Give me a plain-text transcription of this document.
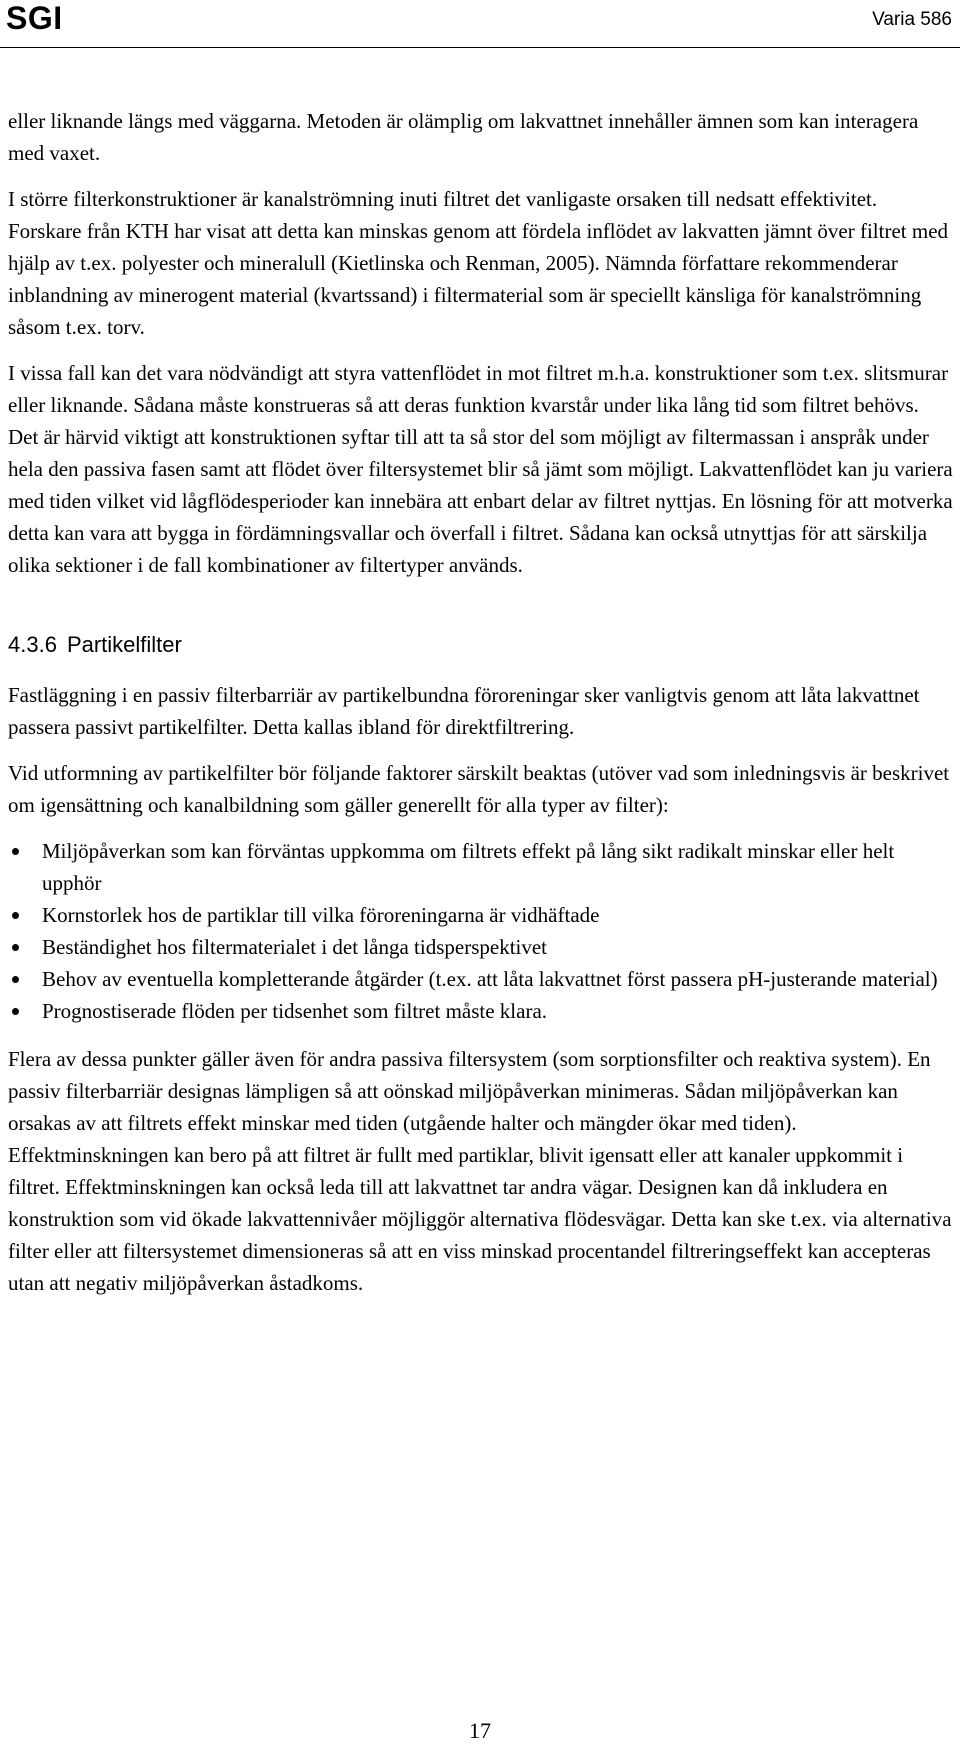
SGI	Varia 586

eller liknande längs med väggarna. Metoden är olämplig om lakvattnet innehåller ämnen som kan interagera med vaxet.

I större filterkonstruktioner är kanalströmning inuti filtret det vanligaste orsaken till nedsatt effektivitet. Forskare från KTH har visat att detta kan minskas genom att fördela inflödet av lakvatten jämnt över filtret med hjälp av t.ex. polyester och mineralull (Kietlinska och Renman, 2005). Nämnda författare rekommenderar inblandning av minerogent material (kvartssand) i filtermaterial som är speciellt känsliga för kanalströmning såsom t.ex. torv.

I vissa fall kan det vara nödvändigt att styra vattenflödet in mot filtret m.h.a. konstruktioner som t.ex. slitsmurar eller liknande. Sådana måste konstrueras så att deras funktion kvarstår under lika lång tid som filtret behövs. Det är härvid viktigt att konstruktionen syftar till att ta så stor del som möjligt av filtermassan i anspråk under hela den passiva fasen samt att flödet över filtersystemet blir så jämt som möjligt. Lakvattenflödet kan ju variera med tiden vilket vid lågflödesperioder kan innebära att enbart delar av filtret nyttjas. En lösning för att motverka detta kan vara att bygga in fördämningsvallar och överfall i filtret. Sådana kan också utnyttjas för att särskilja olika sektioner i de fall kombinationer av filtertyper används.

4.3.6 Partikelfilter

Fastläggning i en passiv filterbarriär av partikelbundna föroreningar sker vanligtvis genom att låta lakvattnet passera passivt partikelfilter. Detta kallas ibland för direktfiltrering.

Vid utformning av partikelfilter bör följande faktorer särskilt beaktas (utöver vad som inledningsvis är beskrivet om igensättning och kanalbildning som gäller generellt för alla typer av filter):

Miljöpåverkan som kan förväntas uppkomma om filtrets effekt på lång sikt radikalt minskar eller helt upphör
Kornstorlek hos de partiklar till vilka föroreningarna är vidhäftade
Beständighet hos filtermaterialet i det långa tidsperspektivet
Behov av eventuella kompletterande åtgärder (t.ex. att låta lakvattnet först passera pH-justerande material)
Prognostiserade flöden per tidsenhet som filtret måste klara.

Flera av dessa punkter gäller även för andra passiva filtersystem (som sorptionsfilter och reaktiva system). En passiv filterbarriär designas lämpligen så att oönskad miljöpåverkan minimeras. Sådan miljöpåverkan kan orsakas av att filtrets effekt minskar med tiden (utgående halter och mängder ökar med tiden). Effektminskningen kan bero på att filtret är fullt med partiklar, blivit igensatt eller att kanaler uppkommit i filtret. Effektminskningen kan också leda till att lakvattnet tar andra vägar. Designen kan då inkludera en konstruktion som vid ökade lakvattennivåer möjliggör alternativa flödesvägar. Detta kan ske t.ex. via alternativa filter eller att filtersystemet dimensioneras så att en viss minskad procentandel filtreringseffekt kan accepteras utan att negativ miljöpåverkan åstadkoms.

17
